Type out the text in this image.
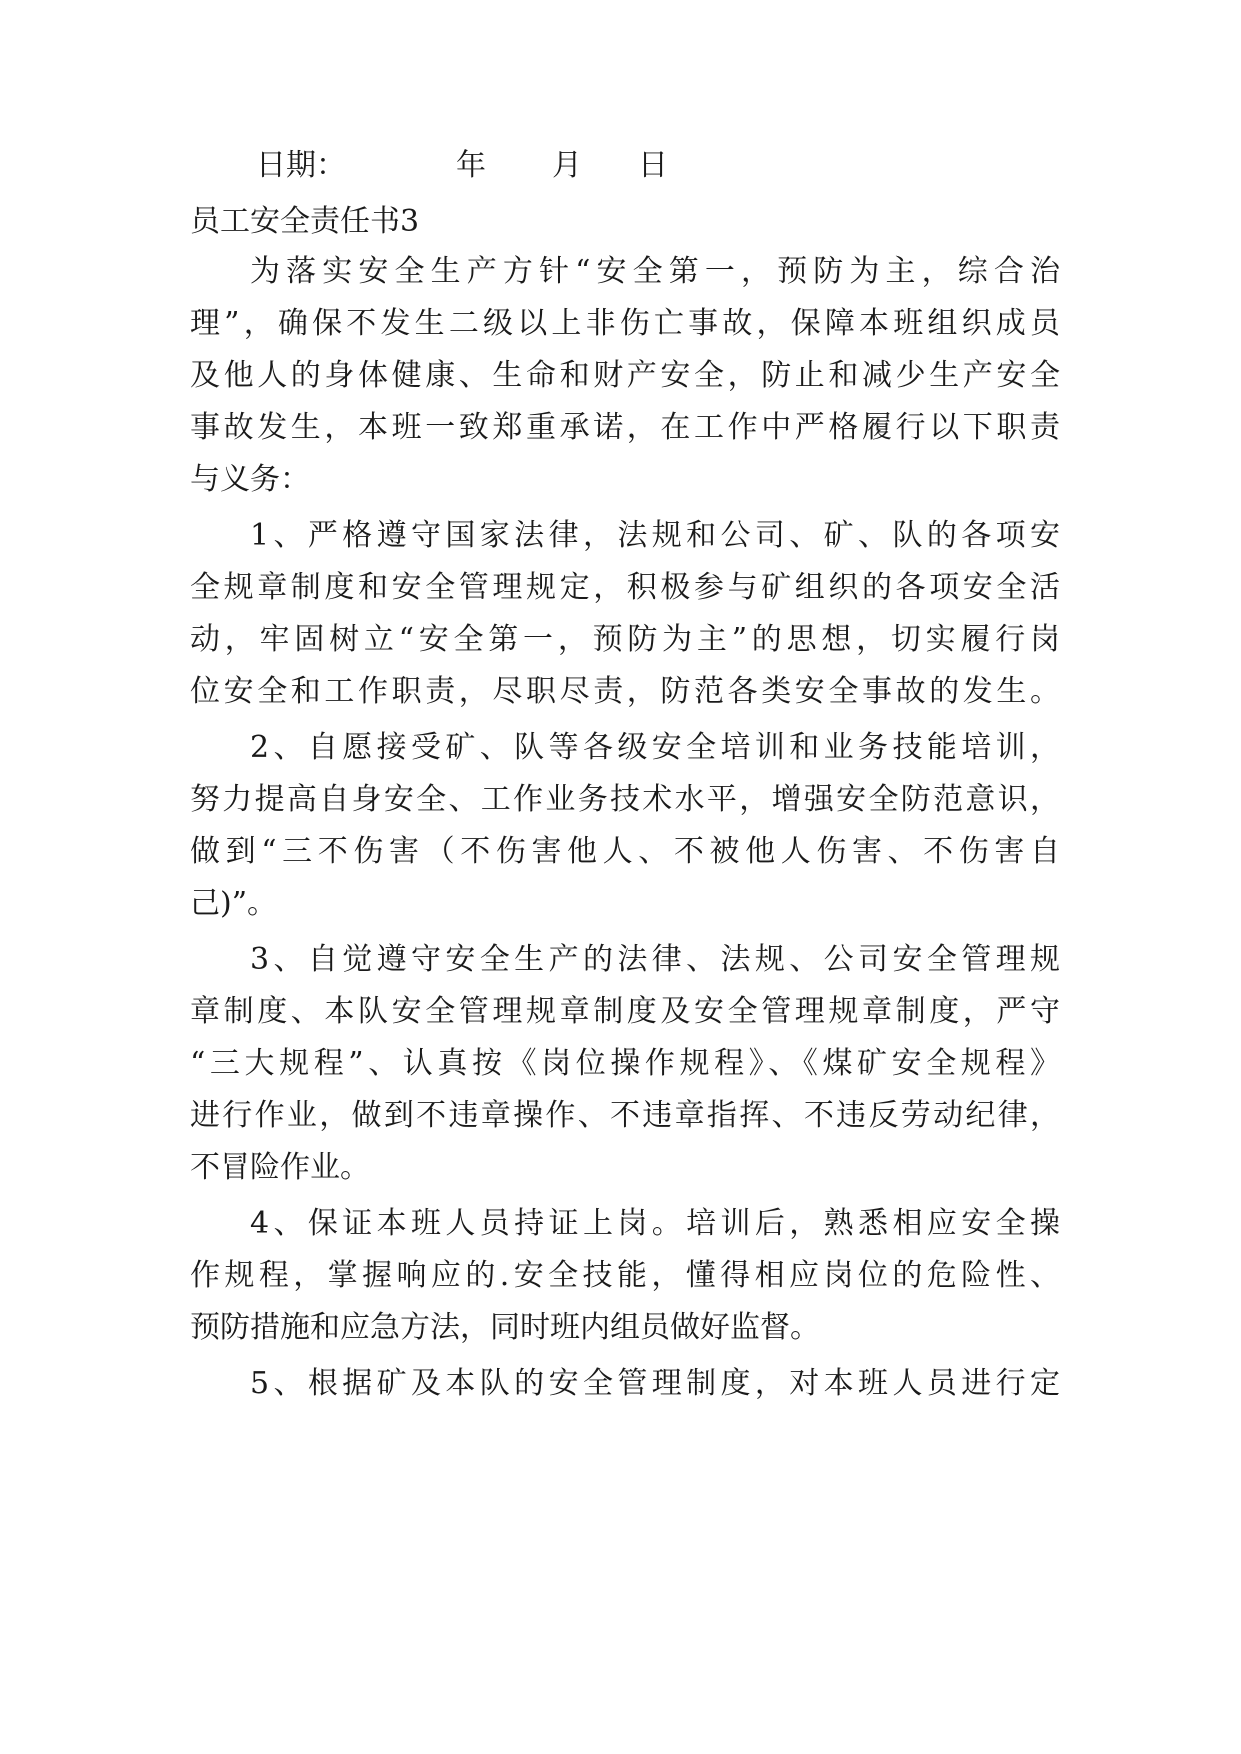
日期：	年 月 日
员工安全责任书3
为落实安全生产方针“安全第一，预防为主，综合治
理”，确保不发生二级以上非伤亡事故，保障本班组织成员
及他人的身体健康、生命和财产安全，防止和减少生产安全
事故发生，本班一致郑重承诺，在工作中严格履行以下职责
与义务：
1、严格遵守国家法律，法规和公司、矿、队的各项安
全规章制度和安全管理规定，积极参与矿组织的各项安全活
动，牢固树立“安全第一，预防为主”的思想，切实履行岗
位安全和工作职责，尽职尽责，防范各类安全事故的发生。
2、自愿接受矿、队等各级安全培训和业务技能培训，
努力提高自身安全、工作业务技术水平，增强安全防范意识，
做到“三不伤害（不伤害他人、不被他人伤害、不伤害自
己)”。
3、自觉遵守安全生产的法律、法规、公司安全管理规
章制度、本队安全管理规章制度及安全管理规章制度，严守
“三大规程”、认真按《岗位操作规程》、《煤矿安全规程》
进行作业，做到不违章操作、不违章指挥、不违反劳动纪律，
不冒险作业。
4、保证本班人员持证上岗。培训后，熟悉相应安全操
作规程，掌握响应的.安全技能，懂得相应岗位的危险性、
预防措施和应急方法，同时班内组员做好监督。
5、根据矿及本队的安全管理制度，对本班人员进行定
